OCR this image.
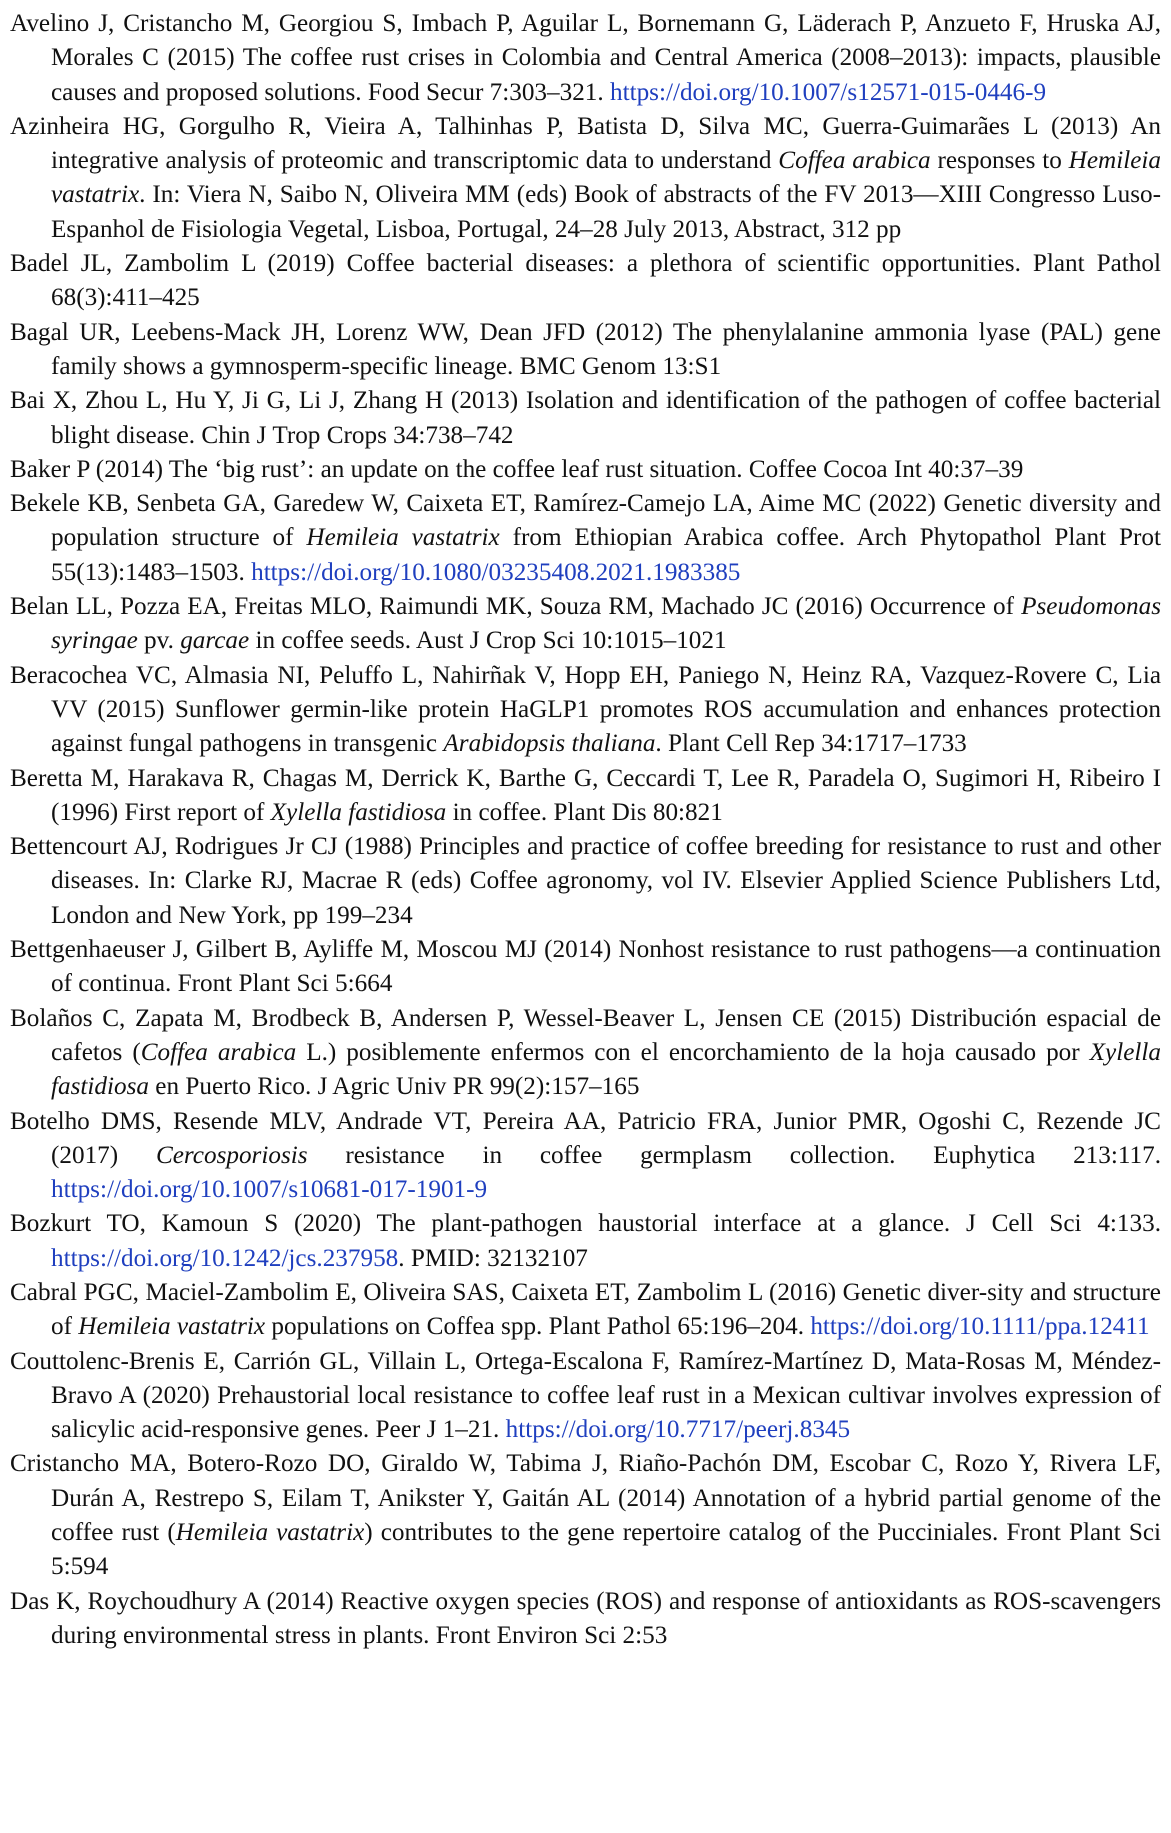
Avelino J, Cristancho M, Georgiou S, Imbach P, Aguilar L, Bornemann G, Läderach P, Anzueto F, Hruska AJ, Morales C (2015) The coffee rust crises in Colombia and Central America (2008–2013): impacts, plausible causes and proposed solutions. Food Secur 7:303–321. https://doi.org/10.1007/s12571-015-0446-9

Azinheira HG, Gorgulho R, Vieira A, Talhinhas P, Batista D, Silva MC, Guerra-Guimarães L (2013) An integrative analysis of proteomic and transcriptomic data to understand Coffea arabica responses to Hemileia vastatrix. In: Viera N, Saibo N, Oliveira MM (eds) Book of abstracts of the FV 2013—XIII Congresso Luso-Espanhol de Fisiologia Vegetal, Lisboa, Portugal, 24–28 July 2013, Abstract, 312 pp

Badel JL, Zambolim L (2019) Coffee bacterial diseases: a plethora of scientific opportunities. Plant Pathol 68(3):411–425

Bagal UR, Leebens-Mack JH, Lorenz WW, Dean JFD (2012) The phenylalanine ammonia lyase (PAL) gene family shows a gymnosperm-specific lineage. BMC Genom 13:S1

Bai X, Zhou L, Hu Y, Ji G, Li J, Zhang H (2013) Isolation and identification of the pathogen of coffee bacterial blight disease. Chin J Trop Crops 34:738–742

Baker P (2014) The ‘big rust’: an update on the coffee leaf rust situation. Coffee Cocoa Int 40:37–39

Bekele KB, Senbeta GA, Garedew W, Caixeta ET, Ramírez-Camejo LA, Aime MC (2022) Genetic diversity and population structure of Hemileia vastatrix from Ethiopian Arabica coffee. Arch Phytopathol Plant Prot 55(13):1483–1503. https://doi.org/10.1080/03235408.2021.1983385

Belan LL, Pozza EA, Freitas MLO, Raimundi MK, Souza RM, Machado JC (2016) Occurrence of Pseudomonas syringae pv. garcae in coffee seeds. Aust J Crop Sci 10:1015–1021

Beracochea VC, Almasia NI, Peluffo L, Nahirñak V, Hopp EH, Paniego N, Heinz RA, Vazquez-Rovere C, Lia VV (2015) Sunflower germin-like protein HaGLP1 promotes ROS accumulation and enhances protection against fungal pathogens in transgenic Arabidopsis thaliana. Plant Cell Rep 34:1717–1733

Beretta M, Harakava R, Chagas M, Derrick K, Barthe G, Ceccardi T, Lee R, Paradela O, Sugimori H, Ribeiro I (1996) First report of Xylella fastidiosa in coffee. Plant Dis 80:821

Bettencourt AJ, Rodrigues Jr CJ (1988) Principles and practice of coffee breeding for resistance to rust and other diseases. In: Clarke RJ, Macrae R (eds) Coffee agronomy, vol IV. Elsevier Applied Science Publishers Ltd, London and New York, pp 199–234

Bettgenhaeuser J, Gilbert B, Ayliffe M, Moscou MJ (2014) Nonhost resistance to rust pathogens—a continuation of continua. Front Plant Sci 5:664

Bolaños C, Zapata M, Brodbeck B, Andersen P, Wessel-Beaver L, Jensen CE (2015) Distribución espacial de cafetos (Coffea arabica L.) posiblemente enfermos con el encorchamiento de la hoja causado por Xylella fastidiosa en Puerto Rico. J Agric Univ PR 99(2):157–165

Botelho DMS, Resende MLV, Andrade VT, Pereira AA, Patricio FRA, Junior PMR, Ogoshi C, Rezende JC (2017) Cercosporiosis resistance in coffee germplasm collection. Euphytica 213:117. https://doi.org/10.1007/s10681-017-1901-9

Bozkurt TO, Kamoun S (2020) The plant-pathogen haustorial interface at a glance. J Cell Sci 4:133. https://doi.org/10.1242/jcs.237958. PMID: 32132107

Cabral PGC, Maciel-Zambolim E, Oliveira SAS, Caixeta ET, Zambolim L (2016) Genetic diver-sity and structure of Hemileia vastatrix populations on Coffea spp. Plant Pathol 65:196–204. https://doi.org/10.1111/ppa.12411

Couttolenc-Brenis E, Carrión GL, Villain L, Ortega-Escalona F, Ramírez-Martínez D, Mata-Rosas M, Méndez-Bravo A (2020) Prehaustorial local resistance to coffee leaf rust in a Mexican cultivar involves expression of salicylic acid-responsive genes. Peer J 1–21. https://doi.org/10.7717/peerj.8345

Cristancho MA, Botero-Rozo DO, Giraldo W, Tabima J, Riaño-Pachón DM, Escobar C, Rozo Y, Rivera LF, Durán A, Restrepo S, Eilam T, Anikster Y, Gaitán AL (2014) Annotation of a hybrid partial genome of the coffee rust (Hemileia vastatrix) contributes to the gene repertoire catalog of the Pucciniales. Front Plant Sci 5:594

Das K, Roychoudhury A (2014) Reactive oxygen species (ROS) and response of antioxidants as ROS-scavengers during environmental stress in plants. Front Environ Sci 2:53
